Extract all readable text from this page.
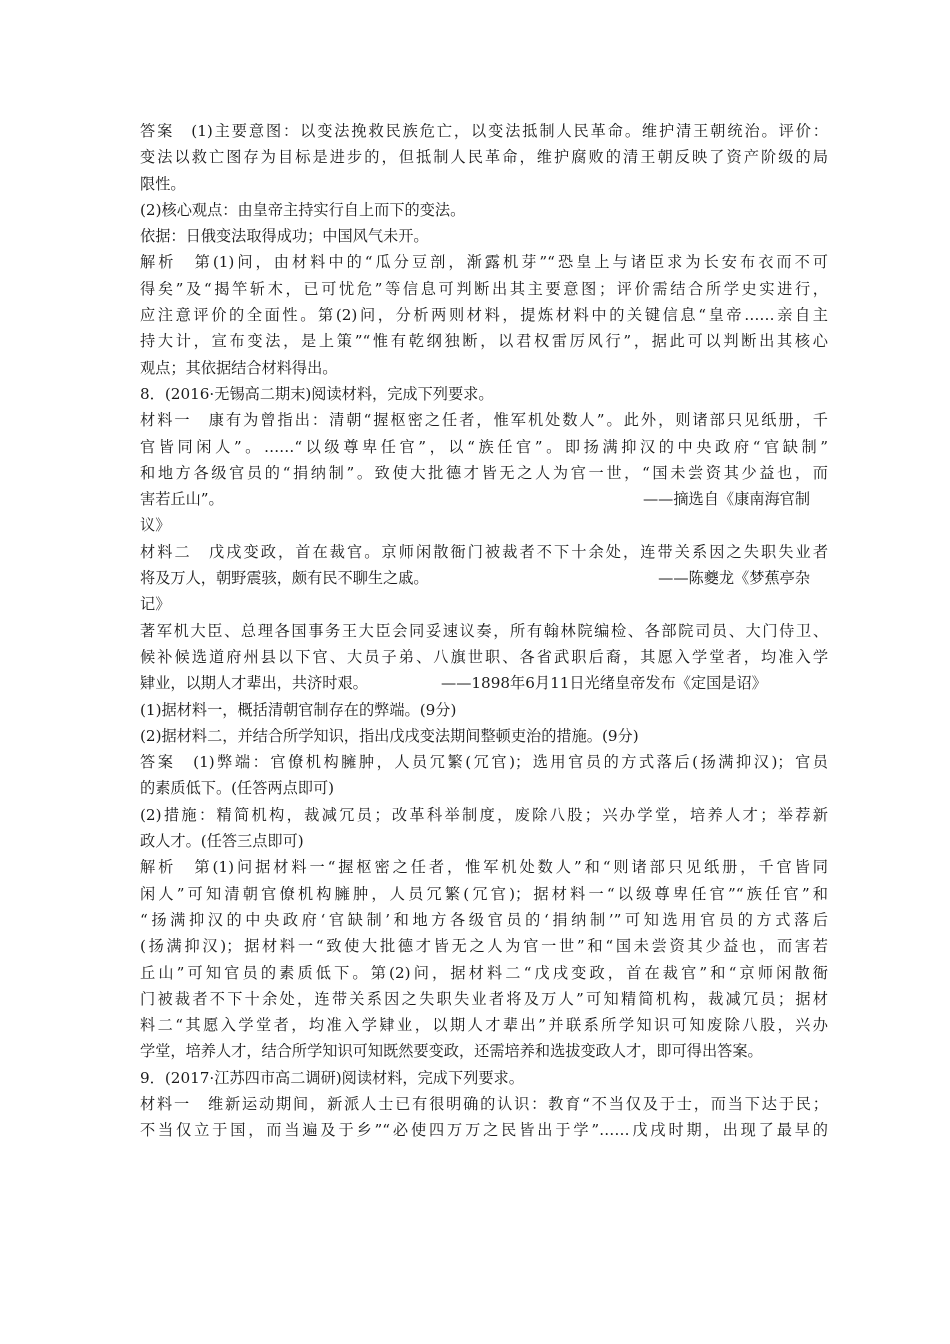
答案　(1)主要意图：以变法挽救民族危亡，以变法抵制人民革命。维护清王朝统治。评价：
变法以救亡图存为目标是进步的，但抵制人民革命，维护腐败的清王朝反映了资产阶级的局
限性。
(2)核心观点：由皇帝主持实行自上而下的变法。
依据：日俄变法取得成功；中国风气未开。
解析　第(1)问，由材料中的“瓜分豆剖，渐露机芽”“恐皇上与诸臣求为长安布衣而不可
得矣”及“揭竿斩木，已可忧危”等信息可判断出其主要意图；评价需结合所学史实进行，
应注意评价的全面性。第(2)问，分析两则材料，提炼材料中的关键信息“皇帝……亲自主
持大计，宣布变法，是上策”“惟有乾纲独断，以君权雷厉风行”，据此可以判断出其核心
观点；其依据结合材料得出。
8．(2016·无锡高二期末)阅读材料，完成下列要求。
材料一　康有为曾指出：清朝“握枢密之任者，惟军机处数人”。此外，则诸部只见纸册，千
官皆同闲人”。……“以级尊卑任官”，以“族任官”。即扬满抑汉的中央政府“官缺制”
和地方各级官员的“捐纳制”。致使大批德才皆无之人为官一世，“国未尝资其少益也，而
害若丘山”。	——摘选自《康南海官制
议》
材料二　戊戌变政，首在裁官。京师闲散衙门被裁者不下十余处，连带关系因之失职失业者
将及万人，朝野震骇，颇有民不聊生之戚。	——陈夔龙《梦蕉亭杂
记》
著军机大臣、总理各国事务王大臣会同妥速议奏，所有翰林院编检、各部院司员、大门侍卫、
候补候选道府州县以下官、大员子弟、八旗世职、各省武职后裔，其愿入学堂者，均准入学
肄业，以期人才辈出，共济时艰。	——1898年6月11日光绪皇帝发布《定国是诏》
(1)据材料一，概括清朝官制存在的弊端。(9分)
(2)据材料二，并结合所学知识，指出戊戌变法期间整顿吏治的措施。(9分)
答案　(1)弊端：官僚机构臃肿，人员冗繁(冗官)；选用官员的方式落后(扬满抑汉)；官员
的素质低下。(任答两点即可)
(2)措施：精简机构，裁减冗员；改革科举制度，废除八股；兴办学堂，培养人才；举荐新
政人才。(任答三点即可)
解析　第(1)问据材料一“握枢密之任者，惟军机处数人”和“则诸部只见纸册，千官皆同
闲人”可知清朝官僚机构臃肿，人员冗繁(冗官)；据材料一“以级尊卑任官”“族任官”和
“扬满抑汉的中央政府‘官缺制’和地方各级官员的‘捐纳制’”可知选用官员的方式落后
(扬满抑汉)；据材料一“致使大批德才皆无之人为官一世”和“国未尝资其少益也，而害若
丘山”可知官员的素质低下。第(2)问，据材料二“戊戌变政，首在裁官”和“京师闲散衙
门被裁者不下十余处，连带关系因之失职失业者将及万人”可知精简机构，裁减冗员；据材
料二“其愿入学堂者，均准入学肄业，以期人才辈出”并联系所学知识可知废除八股，兴办
学堂，培养人才，结合所学知识可知既然要变政，还需培养和选拔变政人才，即可得出答案。
9．(2017·江苏四市高二调研)阅读材料，完成下列要求。
材料一　维新运动期间，新派人士已有很明确的认识：教育“不当仅及于士，而当下达于民；
不当仅立于国，而当遍及于乡”“必使四万万之民皆出于学”……戊戌时期，出现了最早的
